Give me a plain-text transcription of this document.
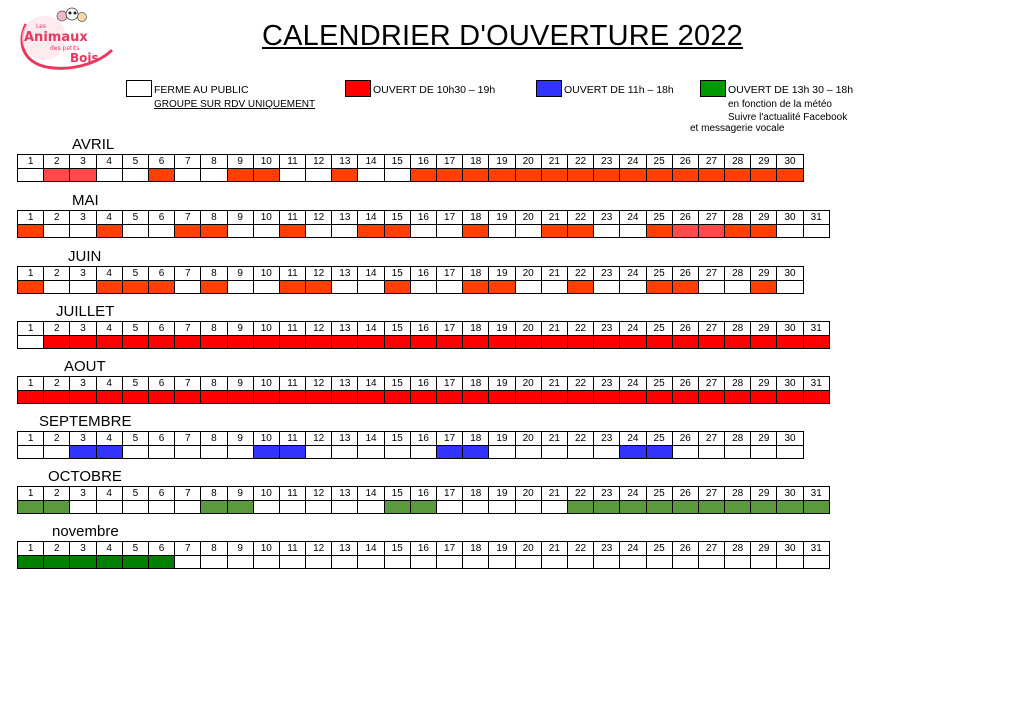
Les
Animaux
des petits
Bois
CALENDRIER D'OUVERTURE 2022
FERME AU PUBLIC
GROUPE SUR RDV UNIQUEMENT
OUVERT DE 10h30 – 19h	OUVERT DE 11h – 18h	OUVERT DE 13h 30 – 18h
en fonction de la météo
Suivre l'actualité Facebook
et messagerie vocale
AVRIL
MAI
JUIN
JUILLET
AOUT
SEPTEMBRE
OCTOBRE
novembre
1	2	3	4	5	6	7	8	9	10	11	12	13	14	15	16	17	18	19	20	21	22	23	24	25	26	27	28	29	30

1	2	3	4	5	6	7	8	9	10	11	12	13	14	15	16	17	18	19	20	21	22	23	24	25	26	27	28	29	30	31

1	2	3	4	5	6	7	8	9	10	11	12	13	14	15	16	17	18	19	20	21	22	23	24	25	26	27	28	29	30

1	2	3	4	5	6	7	8	9	10	11	12	13	14	15	16	17	18	19	20	21	22	23	24	25	26	27	28	29	30	31

1	2	3	4	5	6	7	8	9	10	11	12	13	14	15	16	17	18	19	20	21	22	23	24	25	26	27	28	29	30	31

1	2	3	4	5	6	7	8	9	10	11	12	13	14	15	16	17	18	19	20	21	22	23	24	25	26	27	28	29	30

1	2	3	4	5	6	7	8	9	10	11	12	13	14	15	16	17	18	19	20	21	22	23	24	25	26	27	28	29	30	31

1	2	3	4	5	6	7	8	9	10	11	12	13	14	15	16	17	18	19	20	21	22	23	24	25	26	27	28	29	30	31
